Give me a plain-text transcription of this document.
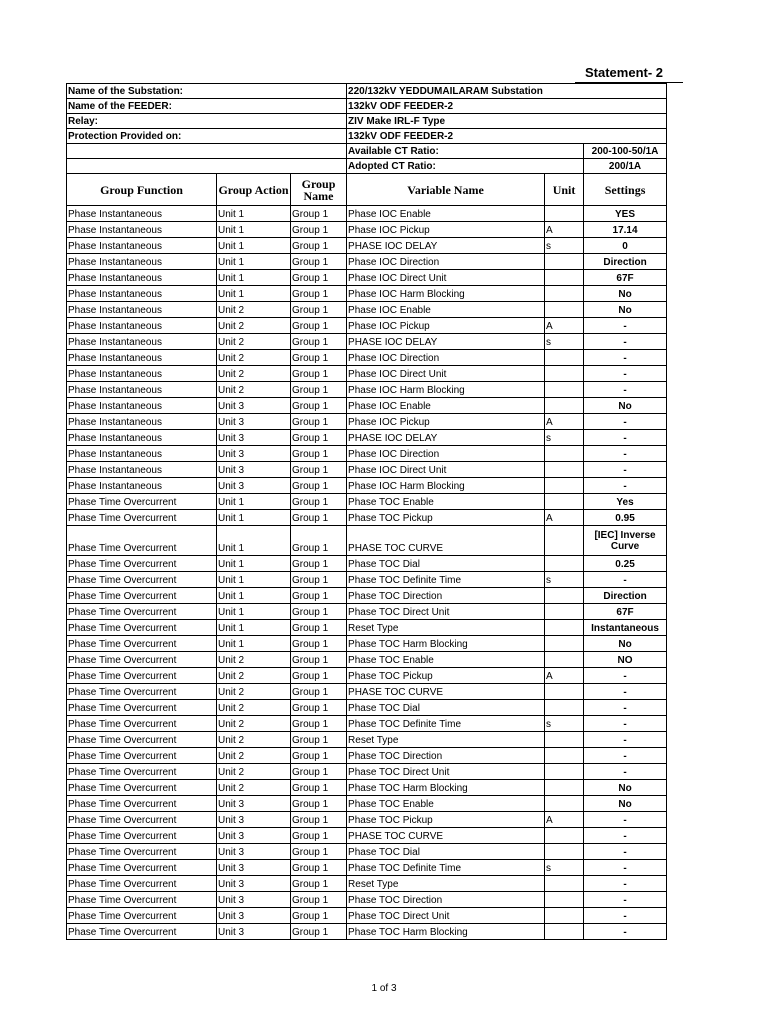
Statement- 2
Name of the Substation:			220/132kV YEDDUMAILARAM Substation		
Name of the FEEDER:			132kV ODF FEEDER-2		
Relay:			ZIV Make IRL-F Type		
Protection Provided on:			132kV ODF FEEDER-2		
			Available CT Ratio:		200-100-50/1A
			Adopted CT Ratio:		200/1A
Group Function	Group Action	Group Name	Variable Name	Unit	Settings
Phase Instantaneous	Unit 1	Group 1	Phase IOC Enable		YES
Phase Instantaneous	Unit 1	Group 1	Phase IOC Pickup	A	17.14
Phase Instantaneous	Unit 1	Group 1	PHASE IOC DELAY	s	0
Phase Instantaneous	Unit 1	Group 1	Phase IOC Direction		Direction
Phase Instantaneous	Unit 1	Group 1	Phase IOC Direct Unit		67F
Phase Instantaneous	Unit 1	Group 1	Phase IOC Harm Blocking		No
Phase Instantaneous	Unit 2	Group 1	Phase IOC Enable		No
Phase Instantaneous	Unit 2	Group 1	Phase IOC Pickup	A	-
Phase Instantaneous	Unit 2	Group 1	PHASE IOC DELAY	s	-
Phase Instantaneous	Unit 2	Group 1	Phase IOC Direction		-
Phase Instantaneous	Unit 2	Group 1	Phase IOC Direct Unit		-
Phase Instantaneous	Unit 2	Group 1	Phase IOC Harm Blocking		-
Phase Instantaneous	Unit 3	Group 1	Phase IOC Enable		No
Phase Instantaneous	Unit 3	Group 1	Phase IOC Pickup	A	-
Phase Instantaneous	Unit 3	Group 1	PHASE IOC DELAY	s	-
Phase Instantaneous	Unit 3	Group 1	Phase IOC Direction		-
Phase Instantaneous	Unit 3	Group 1	Phase IOC Direct Unit		-
Phase Instantaneous	Unit 3	Group 1	Phase IOC Harm Blocking		-
Phase Time Overcurrent	Unit 1	Group 1	Phase TOC Enable		Yes
Phase Time Overcurrent	Unit 1	Group 1	Phase TOC Pickup	A	0.95
Phase Time Overcurrent	Unit 1	Group 1	PHASE TOC CURVE		[IEC] Inverse Curve
Phase Time Overcurrent	Unit 1	Group 1	Phase TOC Dial		0.25
Phase Time Overcurrent	Unit 1	Group 1	Phase TOC Definite Time	s	-
Phase Time Overcurrent	Unit 1	Group 1	Phase TOC Direction		Direction
Phase Time Overcurrent	Unit 1	Group 1	Phase TOC Direct Unit		67F
Phase Time Overcurrent	Unit 1	Group 1	Reset Type		Instantaneous
Phase Time Overcurrent	Unit 1	Group 1	Phase TOC Harm Blocking		No
Phase Time Overcurrent	Unit 2	Group 1	Phase TOC Enable		NO
Phase Time Overcurrent	Unit 2	Group 1	Phase TOC Pickup	A	-
Phase Time Overcurrent	Unit 2	Group 1	PHASE TOC CURVE		-
Phase Time Overcurrent	Unit 2	Group 1	Phase TOC Dial		-
Phase Time Overcurrent	Unit 2	Group 1	Phase TOC Definite Time	s	-
Phase Time Overcurrent	Unit 2	Group 1	Reset Type		-
Phase Time Overcurrent	Unit 2	Group 1	Phase TOC Direction		-
Phase Time Overcurrent	Unit 2	Group 1	Phase TOC Direct Unit		-
Phase Time Overcurrent	Unit 2	Group 1	Phase TOC Harm Blocking		No
Phase Time Overcurrent	Unit 3	Group 1	Phase TOC Enable		No
Phase Time Overcurrent	Unit 3	Group 1	Phase TOC Pickup	A	-
Phase Time Overcurrent	Unit 3	Group 1	PHASE TOC CURVE		-
Phase Time Overcurrent	Unit 3	Group 1	Phase TOC Dial		-
Phase Time Overcurrent	Unit 3	Group 1	Phase TOC Definite Time	s	-
Phase Time Overcurrent	Unit 3	Group 1	Reset Type		-
Phase Time Overcurrent	Unit 3	Group 1	Phase TOC Direction		-
Phase Time Overcurrent	Unit 3	Group 1	Phase TOC Direct Unit		-
Phase Time Overcurrent	Unit 3	Group 1	Phase TOC Harm Blocking		-
1 of 3
